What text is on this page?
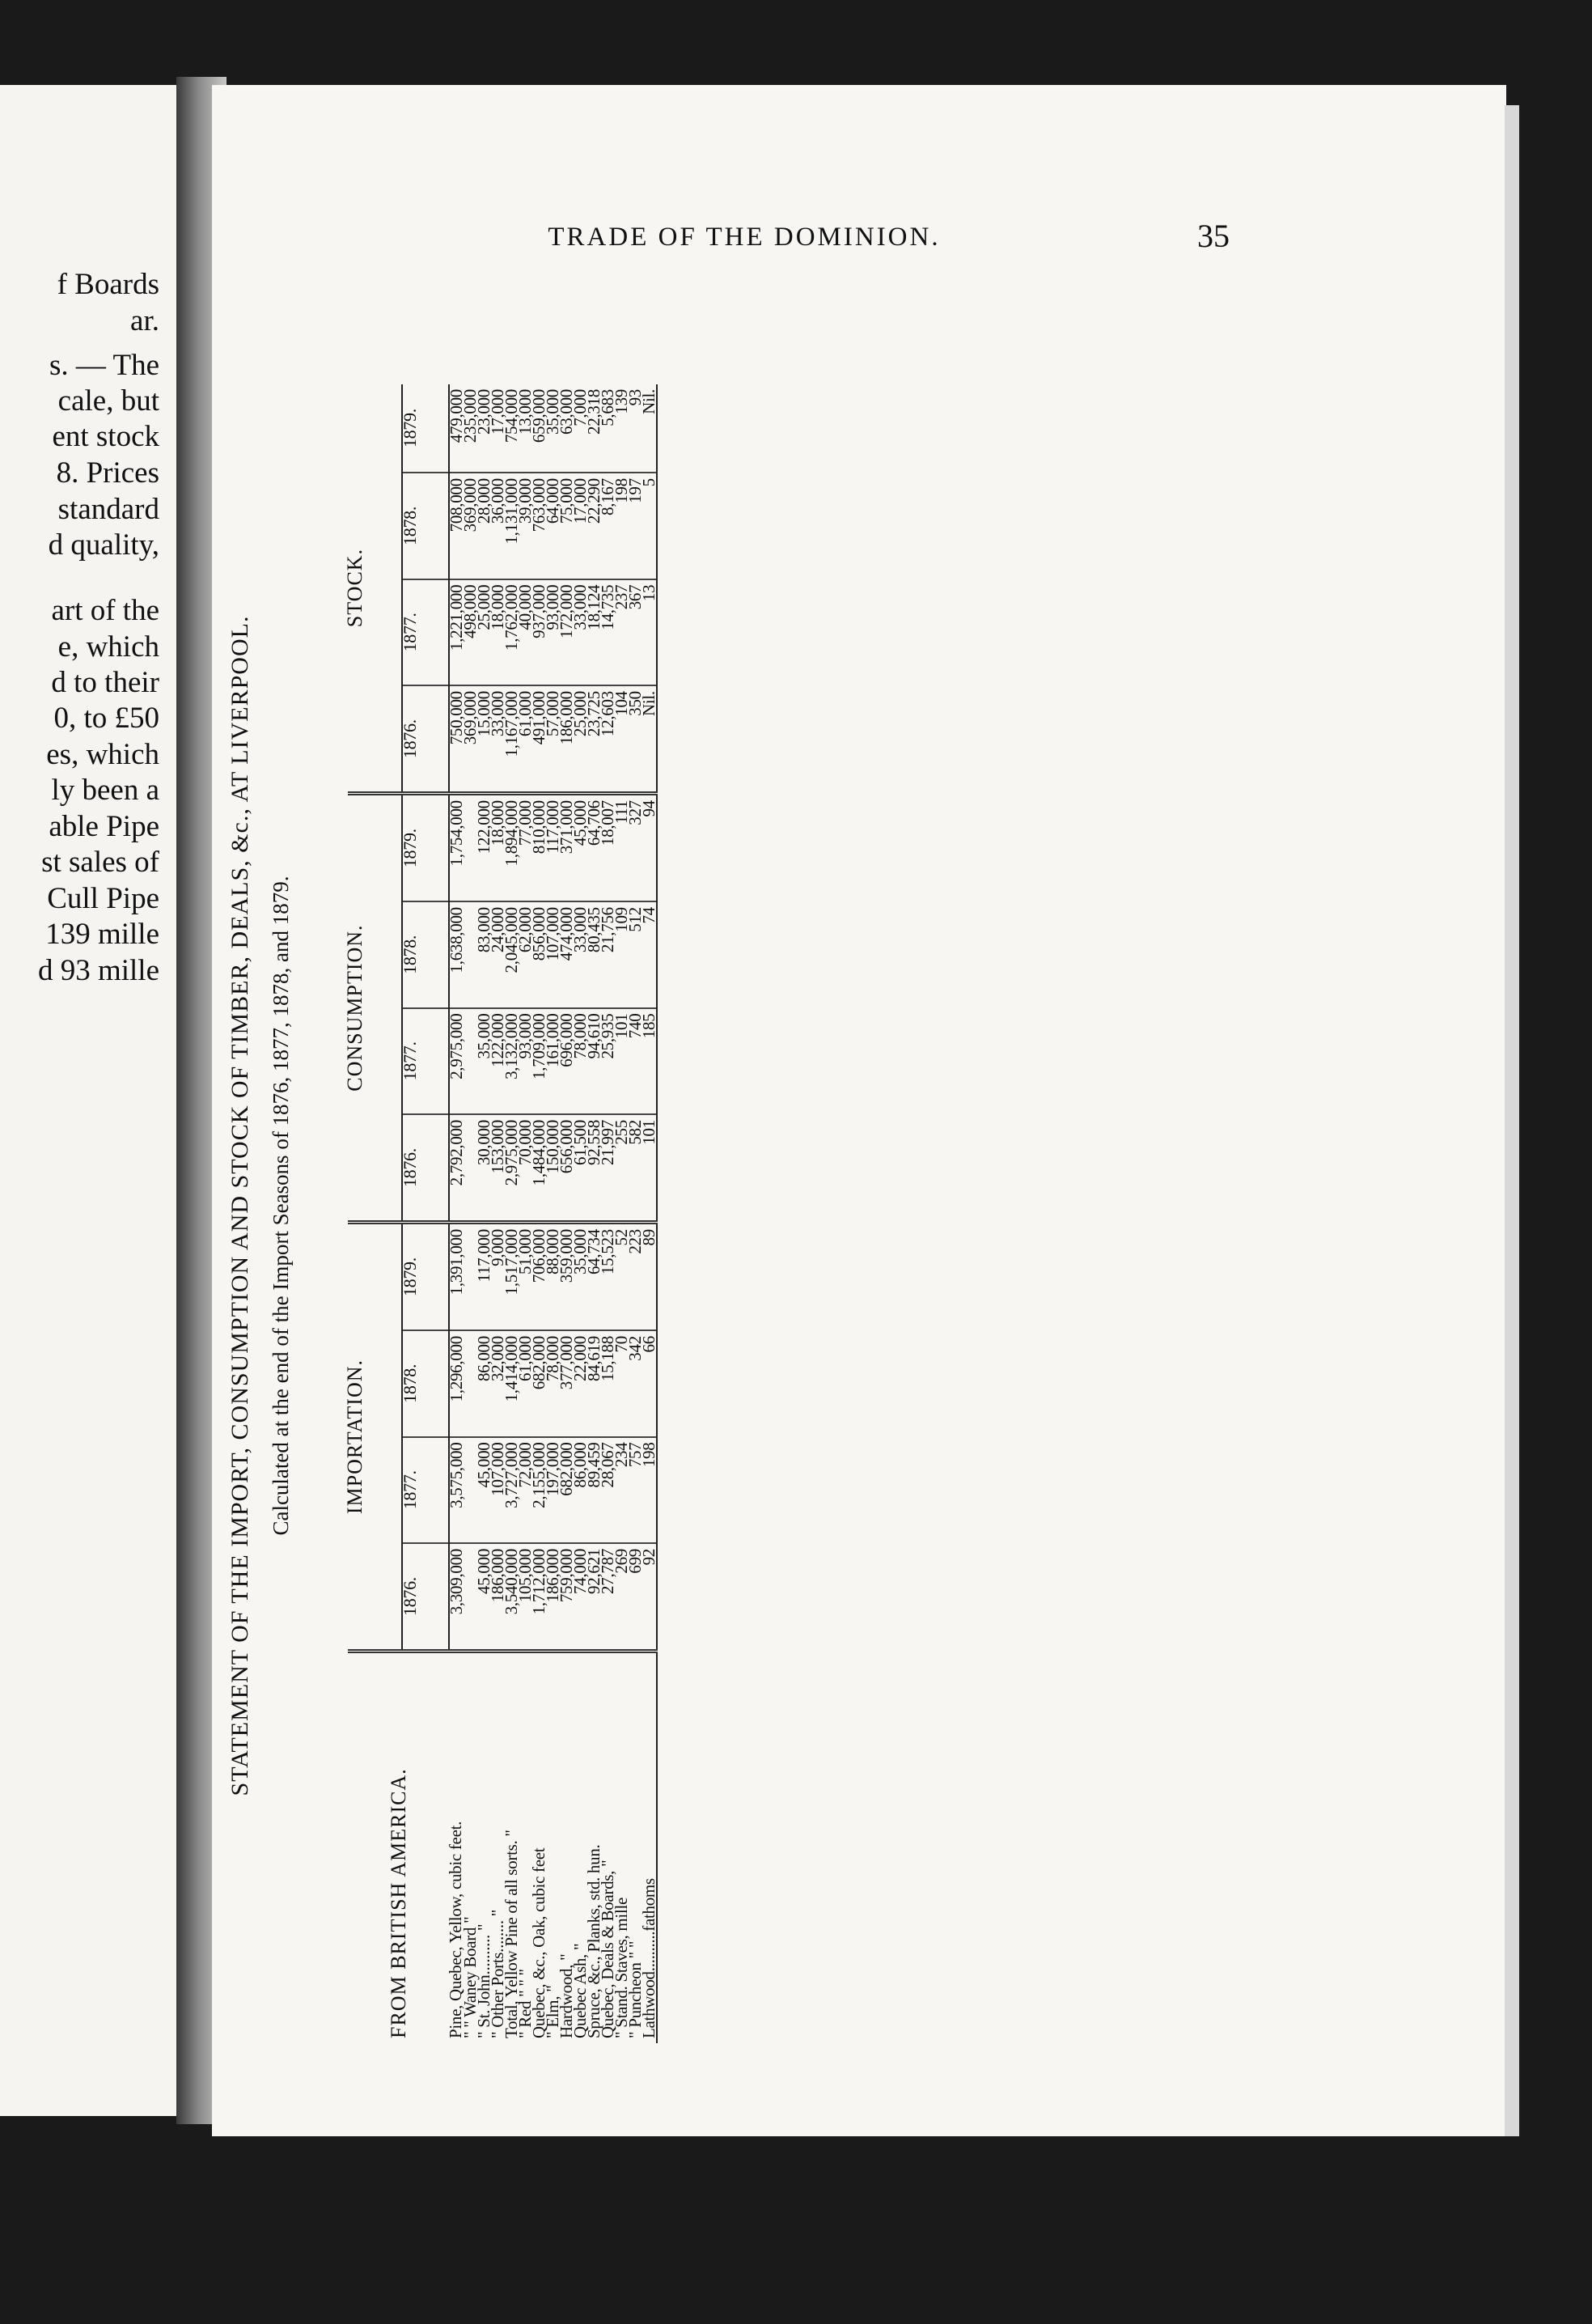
f Boards
ar.
s. — The
cale, but
ent stock
8. Prices
standard
d quality,
art of the
e, which
d to their
0, to £50
es, which
ly been a
able Pipe
st sales of
Cull Pipe
139 mille
d 93 mille
TRADE OF THE DOMINION.	35
STATEMENT OF THE IMPORT, CONSUMPTION AND STOCK OF TIMBER, DEALS, &c., AT LIVERPOOL. Calculated at the end of the Import Seasons of 1876, 1877, 1878, and 1879.
FROM BRITISH AMERICA.	IMPORTATION.				CONSUMPTION.				STOCK.			
	1876.	1877.	1878.	1879.	1876.	1877.	1878.	1879.	1876.	1877.	1878.	1879.
Pine, Quebec, Yellow, cubic feet.	3,309,000	3,575,000	1,296,000	1,391,000	2,792,000	2,975,000	1,638,000	1,754,000	750,000	1,221,000	708,000	479,000
" " Waney Board "									369,000	498,000	369,000	235,000
" St. John.......... "	45,000	45,000	86,000	117,000	30,000	35,000	83,000	122,000	15,000	25,000	28,000	23,000
" Other Ports........ "	186,000	107,000	32,000	9,000	153,000	122,000	24,000	18,000	33,000	18,000	36,000	17,000
Total, Yellow Pine of all sorts. "	3,540,000	3,727,000	1,414,000	1,517,000	2,975,000	3,132,000	2,045,000	1,894,000	1,167,000	1,762,000	1,131,000	754,000
" Red " " "	105,000	72,000	61,000	51,000	70,000	93,000	62,000	77,000	61,000	40,000	39,000	13,000
Quebec, &c., Oak, cubic feet	1,712,000	2,155,000	682,000	706,000	1,484,000	1,709,000	856,000	810,000	491,000	937,000	763,000	659,000
" Elm, "	186,000	197,000	78,000	88,000	150,000	161,000	107,000	117,000	57,000	93,000	64,000	35,000
Hardwood, "	759,000	682,000	377,000	359,000	656,000	696,000	474,000	371,000	186,000	172,000	75,000	63,000
Quebec Ash, "	74,000	86,000	22,000	35,000	61,500	78,000	33,000	45,000	25,000	33,000	17,000	7,000
Spruce, &c., Planks, std. hun.	92,621	89,459	84,619	64,734	92,558	94,610	80,435	64,706	23,725	18,124	22,290	22,318
Quebec, Deals & Boards, "	27,787	28,067	15,188	15,523	21,997	25,935	21,756	18,007	12,603	14,735	8,167	5,683
" Stand. Staves, mille	269	234	70	52	255	101	109	111	104	237	198	139
" Puncheon " "	699	757	342	223	582	740	512	327	350	367	197	93
Lathwood..........fathoms	92	198	66	89	101	185	74	94	Nil.	13	5	Nil.
